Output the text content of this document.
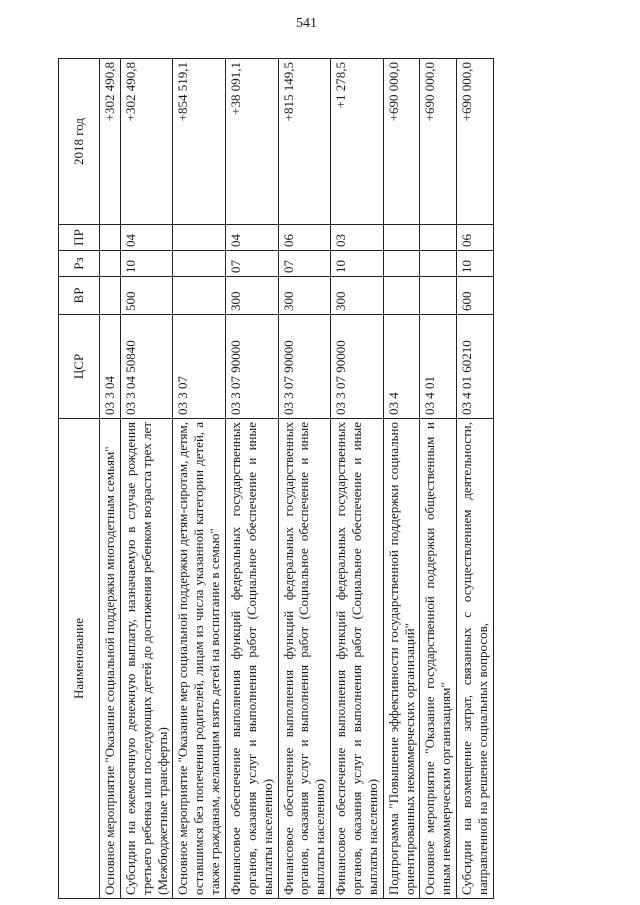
541
Наименование	ЦСР	ВР	Рз	ПР	2018 год
Основное мероприятие "Оказание социальной поддержки многодетным семьям"	03 3 04				+302 490,8
Субсидии на ежемесячную денежную выплату, назначаемую в случае рождения третьего ребенка или последующих детей до достижения ребенком возраста трех лет (Межбюджетные трансферты)	03 3 04 50840	500	10	04	+302 490,8
Основное мероприятие "Оказание мер социальной поддержки детям-сиротам, детям, оставшимся без попечения родителей, лицам из числа указанной категории детей, а также гражданам, желающим взять детей на воспитание в семью"	03 3 07				+854 519,1
Финансовое обеспечение выполнения функций федеральных государственных органов, оказания услуг и выполнения работ (Социальное обеспечение и иные выплаты населению)	03 3 07 90000	300	07	04	+38 091,1
Финансовое обеспечение выполнения функций федеральных государственных органов, оказания услуг и выполнения работ (Социальное обеспечение и иные выплаты населению)	03 3 07 90000	300	07	06	+815 149,5
Финансовое обеспечение выполнения функций федеральных государственных органов, оказания услуг и выполнения работ (Социальное обеспечение и иные выплаты населению)	03 3 07 90000	300	10	03	+1 278,5
Подпрограмма "Повышение эффективности государственной поддержки социально ориентированных некоммерческих организаций"	03 4				+690 000,0
Основное мероприятие "Оказание государственной поддержки общественным и иным некоммерческим организациям"	03 4 01				+690 000,0
Субсидии на возмещение затрат, связанных с осуществлением деятельности, направленной на решение социальных вопросов,	03 4 01 60210	600	10	06	+690 000,0
